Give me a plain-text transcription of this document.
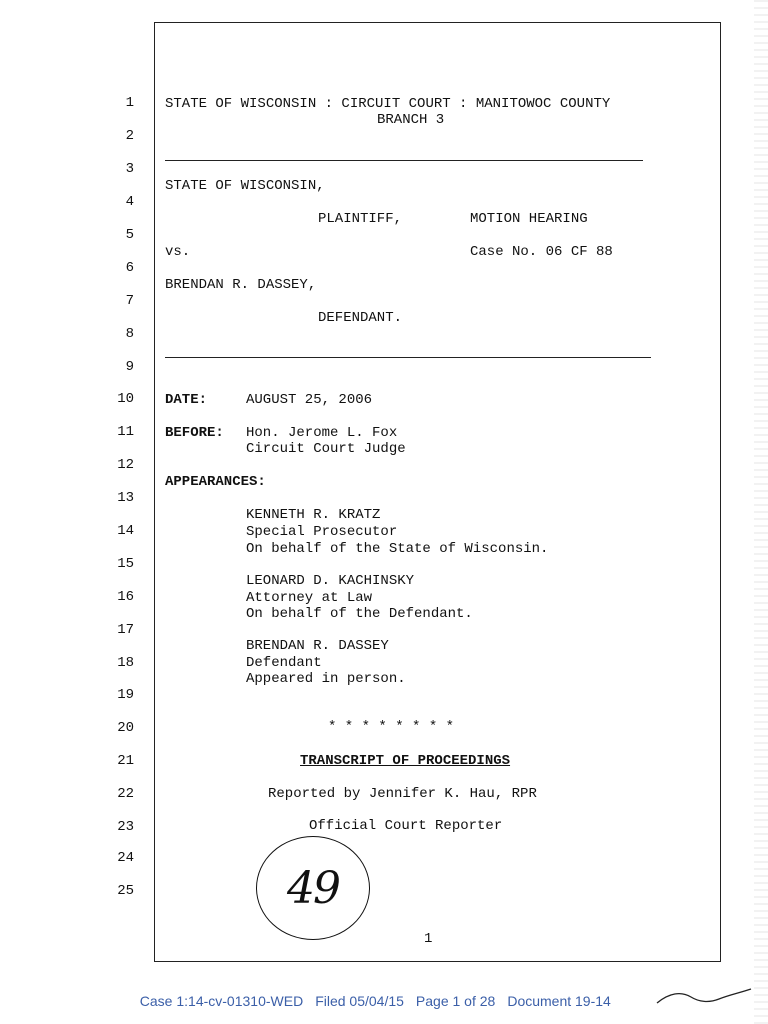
1
2
3
4
5
6
7
8
9
10
11
12
13
14
15
16
17
18
19
20
21
22
23
24
25
STATE OF WISCONSIN : CIRCUIT COURT : MANITOWOC COUNTY
BRANCH 3
STATE OF WISCONSIN,
PLAINTIFF,	MOTION HEARING
vs.	Case No. 06 CF 88
BRENDAN R. DASSEY,
DEFENDANT.
DATE:	AUGUST 25, 2006
BEFORE: Hon. Jerome L. Fox
Circuit Court Judge
APPEARANCES:
KENNETH R. KRATZ
Special Prosecutor
On behalf of the State of Wisconsin.
LEONARD D. KACHINSKY
Attorney at Law
On behalf of the Defendant.
BRENDAN R. DASSEY
Defendant
Appeared in person.
* * * * * * * *
TRANSCRIPT OF PROCEEDINGS
Reported by Jennifer K. Hau, RPR
Official Court Reporter
49
1

Case 1:14-cv-01310-WED Filed 05/04/15 Page 1 of 28 Document 19-14
